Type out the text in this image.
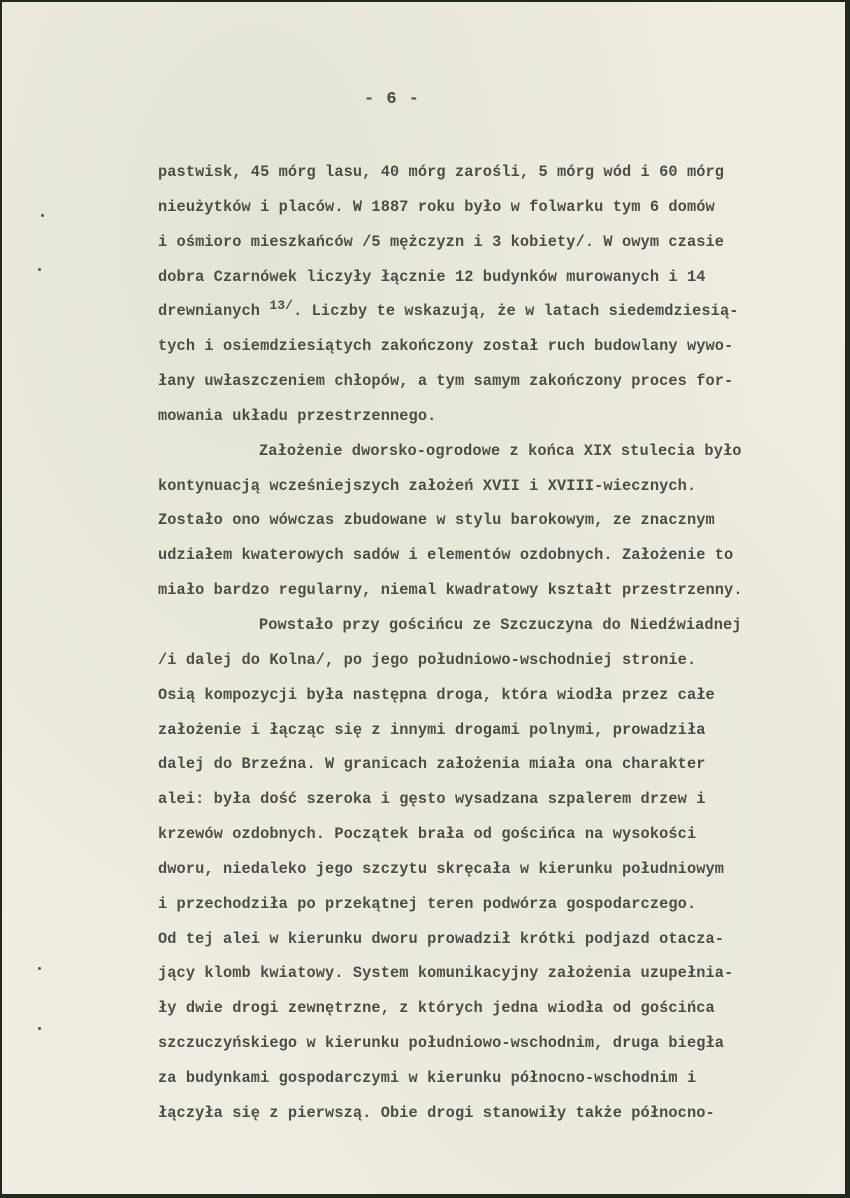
- 6 -
pastwisk, 45 mórg lasu, 40 mórg zarośli, 5 mórg wód i 60 mórg
nieużytków i placów. W 1887 roku było w folwarku tym 6 domów
i ośmioro mieszkańców /5 mężczyzn i 3 kobiety/. W owym czasie
dobra Czarnówek liczyły łącznie 12 budynków murowanych i 14
drewnianych $^{13/}$. Liczby te wskazują, że w latach siedemdziesią-
tych i osiemdziesiątych zakończony został ruch budowlany wywo-
łany uwłaszczeniem chłopów, a tym samym zakończony proces for-
mowania układu przestrzennego.
Założenie dworsko-ogrodowe z końca XIX stulecia było
kontynuacją wcześniejszych założeń XVII i XVIII-wiecznych.
Zostało ono wówczas zbudowane w stylu barokowym, ze znacznym
udziałem kwaterowych sadów i elementów ozdobnych. Założenie to
miało bardzo regularny, niemal kwadratowy kształt przestrzenny.
Powstało przy gościńcu ze Szczuczyna do Niedźwiadnej
/i dalej do Kolna/, po jego południowo-wschodniej stronie.
Osią kompozycji była następna droga, która wiodła przez całe
założenie i łącząc się z innymi drogami polnymi, prowadziła
dalej do Brzeźna. W granicach założenia miała ona charakter
alei: była dość szeroka i gęsto wysadzana szpalerem drzew i
krzewów ozdobnych. Początek brała od gościńca na wysokości
dworu, niedaleko jego szczytu skręcała w kierunku południowym
i przechodziła po przekątnej teren podwórza gospodarczego.
Od tej alei w kierunku dworu prowadził krótki podjazd otacza-
jący klomb kwiatowy. System komunikacyjny założenia uzupełnia-
ły dwie drogi zewnętrzne, z których jedna wiodła od gościńca
szczuczyńskiego w kierunku południowo-wschodnim, druga biegła
za budynkami gospodarczymi w kierunku północno-wschodnim i
łączyła się z pierwszą. Obie drogi stanowiły także północno-
